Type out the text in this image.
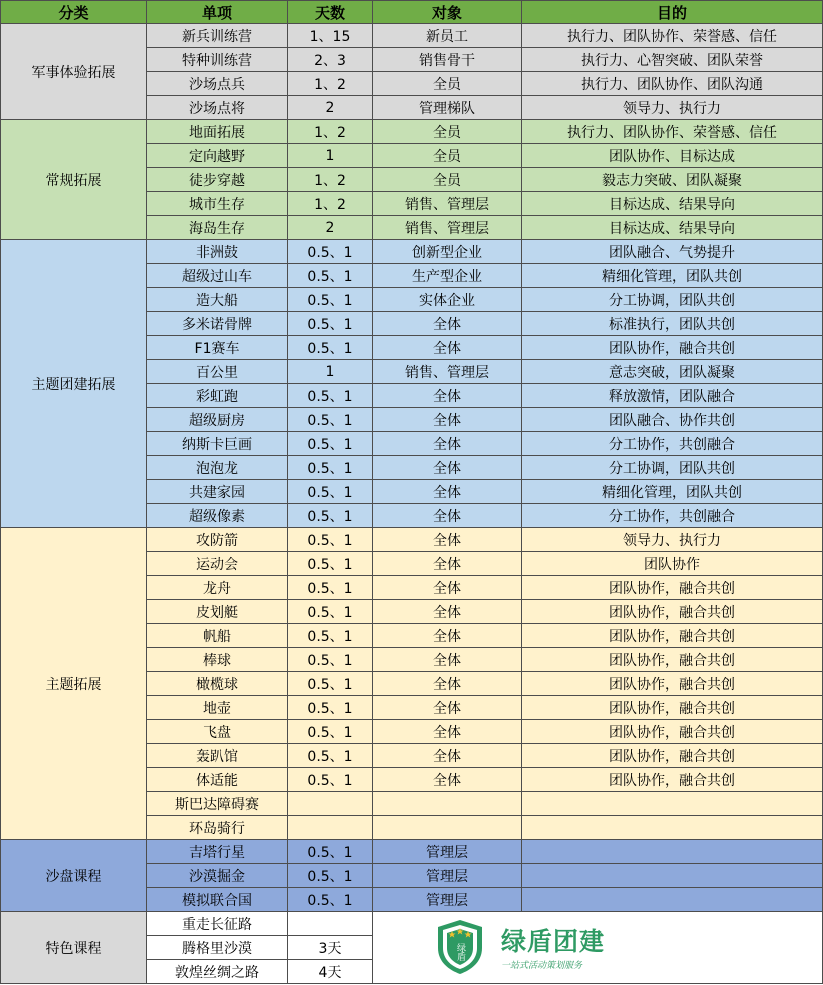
分类	单项	天数	对象	目的
军事体验拓展	新兵训练营	1、15	新员工	执行力、团队协作、荣誉感、信任
	特种训练营	2、3	销售骨干	执行力、心智突破、团队荣誉
	沙场点兵	1、2	全员	执行力、团队协作、团队沟通
	沙场点将	2	管理梯队	领导力、执行力
常规拓展	地面拓展	1、2	全员	执行力、团队协作、荣誉感、信任
	定向越野	1	全员	团队协作、目标达成
	徒步穿越	1、2	全员	毅志力突破、团队凝聚
	城市生存	1、2	销售、管理层	目标达成、结果导向
	海岛生存	2	销售、管理层	目标达成、结果导向
主题团建拓展	非洲鼓	0.5、1	创新型企业	团队融合、气势提升
	超级过山车	0.5、1	生产型企业	精细化管理，团队共创
	造大船	0.5、1	实体企业	分工协调，团队共创
	多米诺骨牌	0.5、1	全体	标准执行，团队共创
	F1赛车	0.5、1	全体	团队协作，融合共创
	百公里	1	销售、管理层	意志突破，团队凝聚
	彩虹跑	0.5、1	全体	释放激情，团队融合
	超级厨房	0.5、1	全体	团队融合、协作共创
	纳斯卡巨画	0.5、1	全体	分工协作，共创融合
	泡泡龙	0.5、1	全体	分工协调，团队共创
	共建家园	0.5、1	全体	精细化管理，团队共创
	超级像素	0.5、1	全体	分工协作，共创融合
主题拓展	攻防箭	0.5、1	全体	领导力、执行力
	运动会	0.5、1	全体	团队协作
	龙舟	0.5、1	全体	团队协作，融合共创
	皮划艇	0.5、1	全体	团队协作，融合共创
	帆船	0.5、1	全体	团队协作，融合共创
	棒球	0.5、1	全体	团队协作，融合共创
	橄榄球	0.5、1	全体	团队协作，融合共创
	地壶	0.5、1	全体	团队协作，融合共创
	飞盘	0.5、1	全体	团队协作，融合共创
	轰趴馆	0.5、1	全体	团队协作，融合共创
	体适能	0.5、1	全体	团队协作，融合共创
	斯巴达障碍赛			
	环岛骑行			
沙盘课程	吉塔行星	0.5、1	管理层	
	沙漠掘金	0.5、1	管理层	
	模拟联合国	0.5、1	管理层	
特色课程	重走长征路		绿盾 绿盾团建
一站式活动策划服务	

	腾格里沙漠	3天		
	敦煌丝绸之路	4天		
